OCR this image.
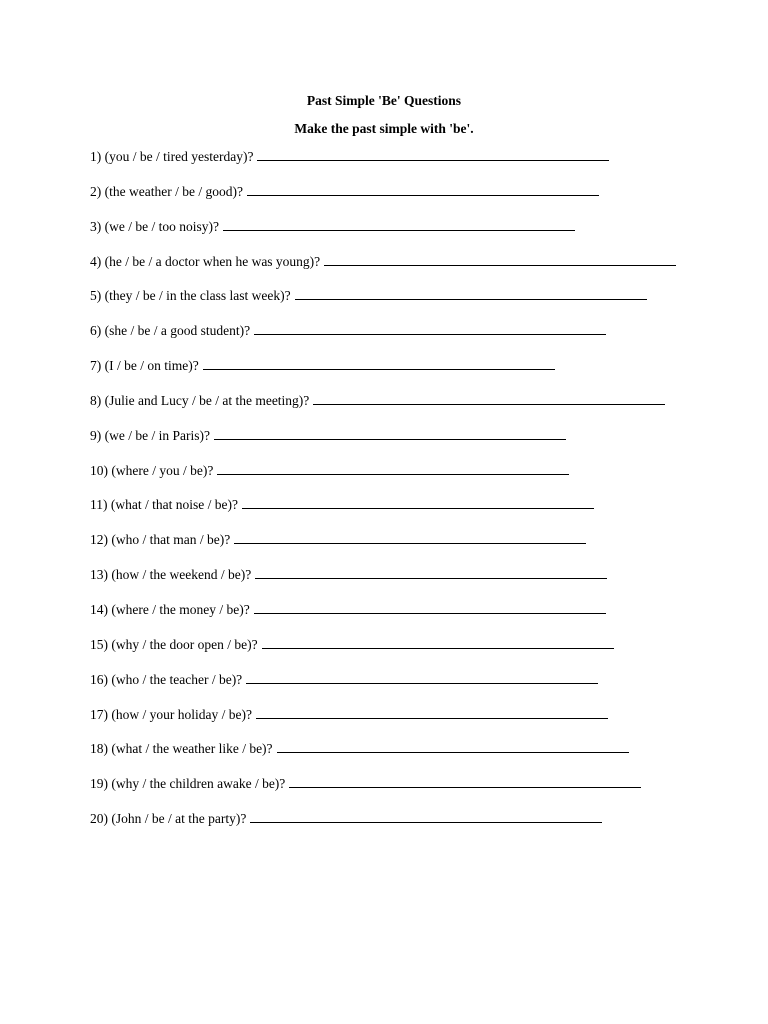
Past Simple 'Be' Questions
Make the past simple with 'be'.
1) (you / be / tired yesterday)?
2) (the weather / be / good)?
3) (we / be / too noisy)?
4) (he / be / a doctor when he was young)?
5) (they / be / in the class last week)?
6) (she / be / a good student)?
7) (I / be / on time)?
8) (Julie and Lucy / be / at the meeting)?
9) (we / be / in Paris)?
10) (where / you / be)?
11) (what / that noise / be)?
12) (who / that man / be)?
13) (how / the weekend / be)?
14) (where / the money / be)?
15) (why / the door open / be)?
16) (who / the teacher / be)?
17) (how / your holiday / be)?
18) (what / the weather like / be)?
19) (why / the children awake / be)?
20) (John / be / at the party)?
